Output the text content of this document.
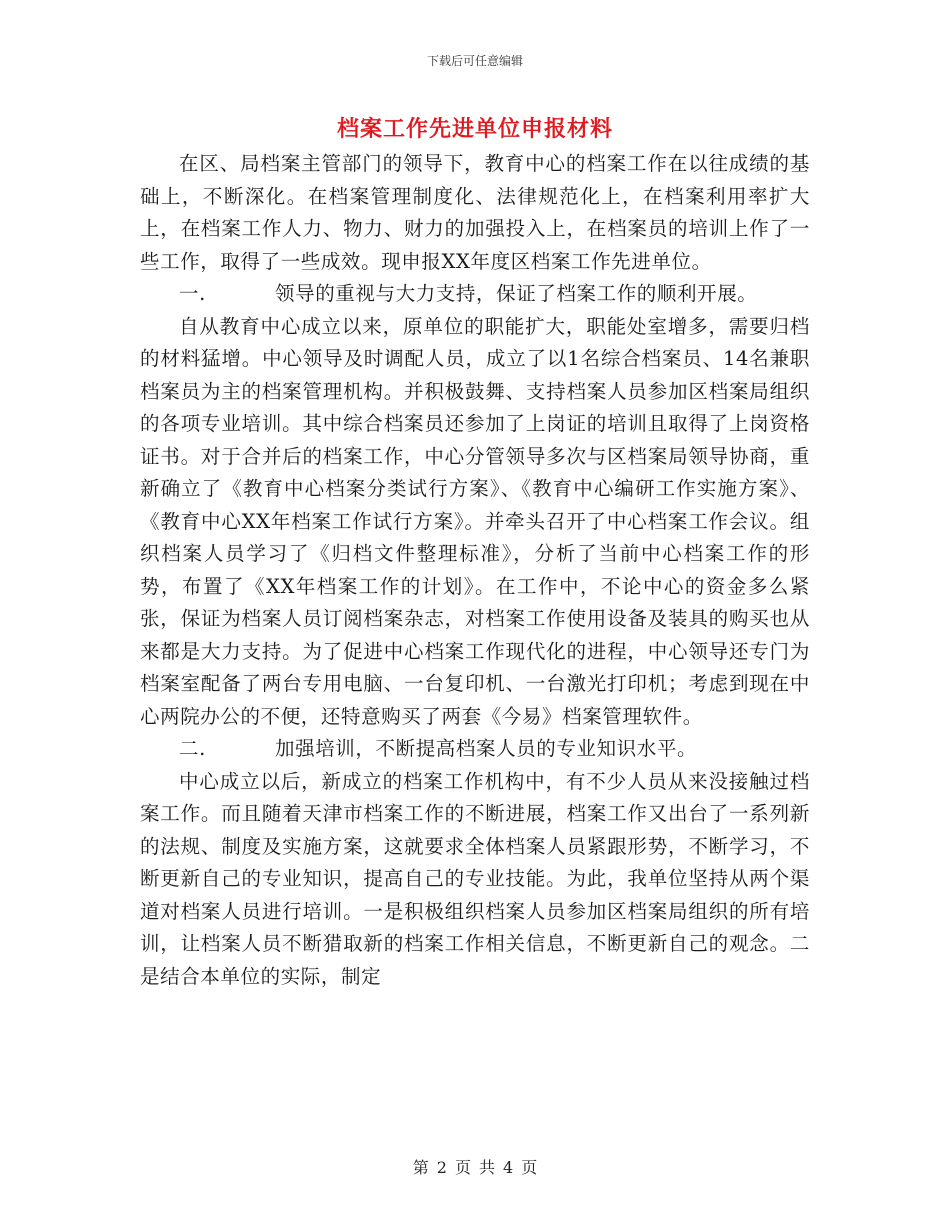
下载后可任意编辑
档案工作先进单位申报材料

在区、局档案主管部门的领导下，教育中心的档案工作在以往成绩的基础上，不断深化。在档案管理制度化、法律规范化上，在档案利用率扩大上，在档案工作人力、物力、财力的加强投入上，在档案员的培训上作了一些工作，取得了一些成效。现申报XX年度区档案工作先进单位。

一.	领导的重视与大力支持，保证了档案工作的顺利开展。

自从教育中心成立以来，原单位的职能扩大，职能处室增多，需要归档的材料猛增。中心领导及时调配人员，成立了以1名综合档案员、14名兼职档案员为主的档案管理机构。并积极鼓舞、支持档案人员参加区档案局组织的各项专业培训。其中综合档案员还参加了上岗证的培训且取得了上岗资格证书。对于合并后的档案工作，中心分管领导多次与区档案局领导协商，重新确立了《教育中心档案分类试行方案》、《教育中心编研工作实施方案》、《教育中心XX年档案工作试行方案》。并牵头召开了中心档案工作会议。组织档案人员学习了《归档文件整理标准》，分析了当前中心档案工作的形势，布置了《XX年档案工作的计划》。在工作中，不论中心的资金多么紧张，保证为档案人员订阅档案杂志，对档案工作使用设备及装具的购买也从来都是大力支持。为了促进中心档案工作现代化的进程，中心领导还专门为档案室配备了两台专用电脑、一台复印机、一台激光打印机；考虑到现在中心两院办公的不便，还特意购买了两套《今易》档案管理软件。

二.	加强培训，不断提高档案人员的专业知识水平。

中心成立以后，新成立的档案工作机构中，有不少人员从来没接触过档案工作。而且随着天津市档案工作的不断进展，档案工作又出台了一系列新的法规、制度及实施方案，这就要求全体档案人员紧跟形势，不断学习，不断更新自己的专业知识，提高自己的专业技能。为此，我单位坚持从两个渠道对档案人员进行培训。一是积极组织档案人员参加区档案局组织的所有培训，让档案人员不断猎取新的档案工作相关信息，不断更新自己的观念。二是结合本单位的实际，制定

第 2 页 共 4 页
